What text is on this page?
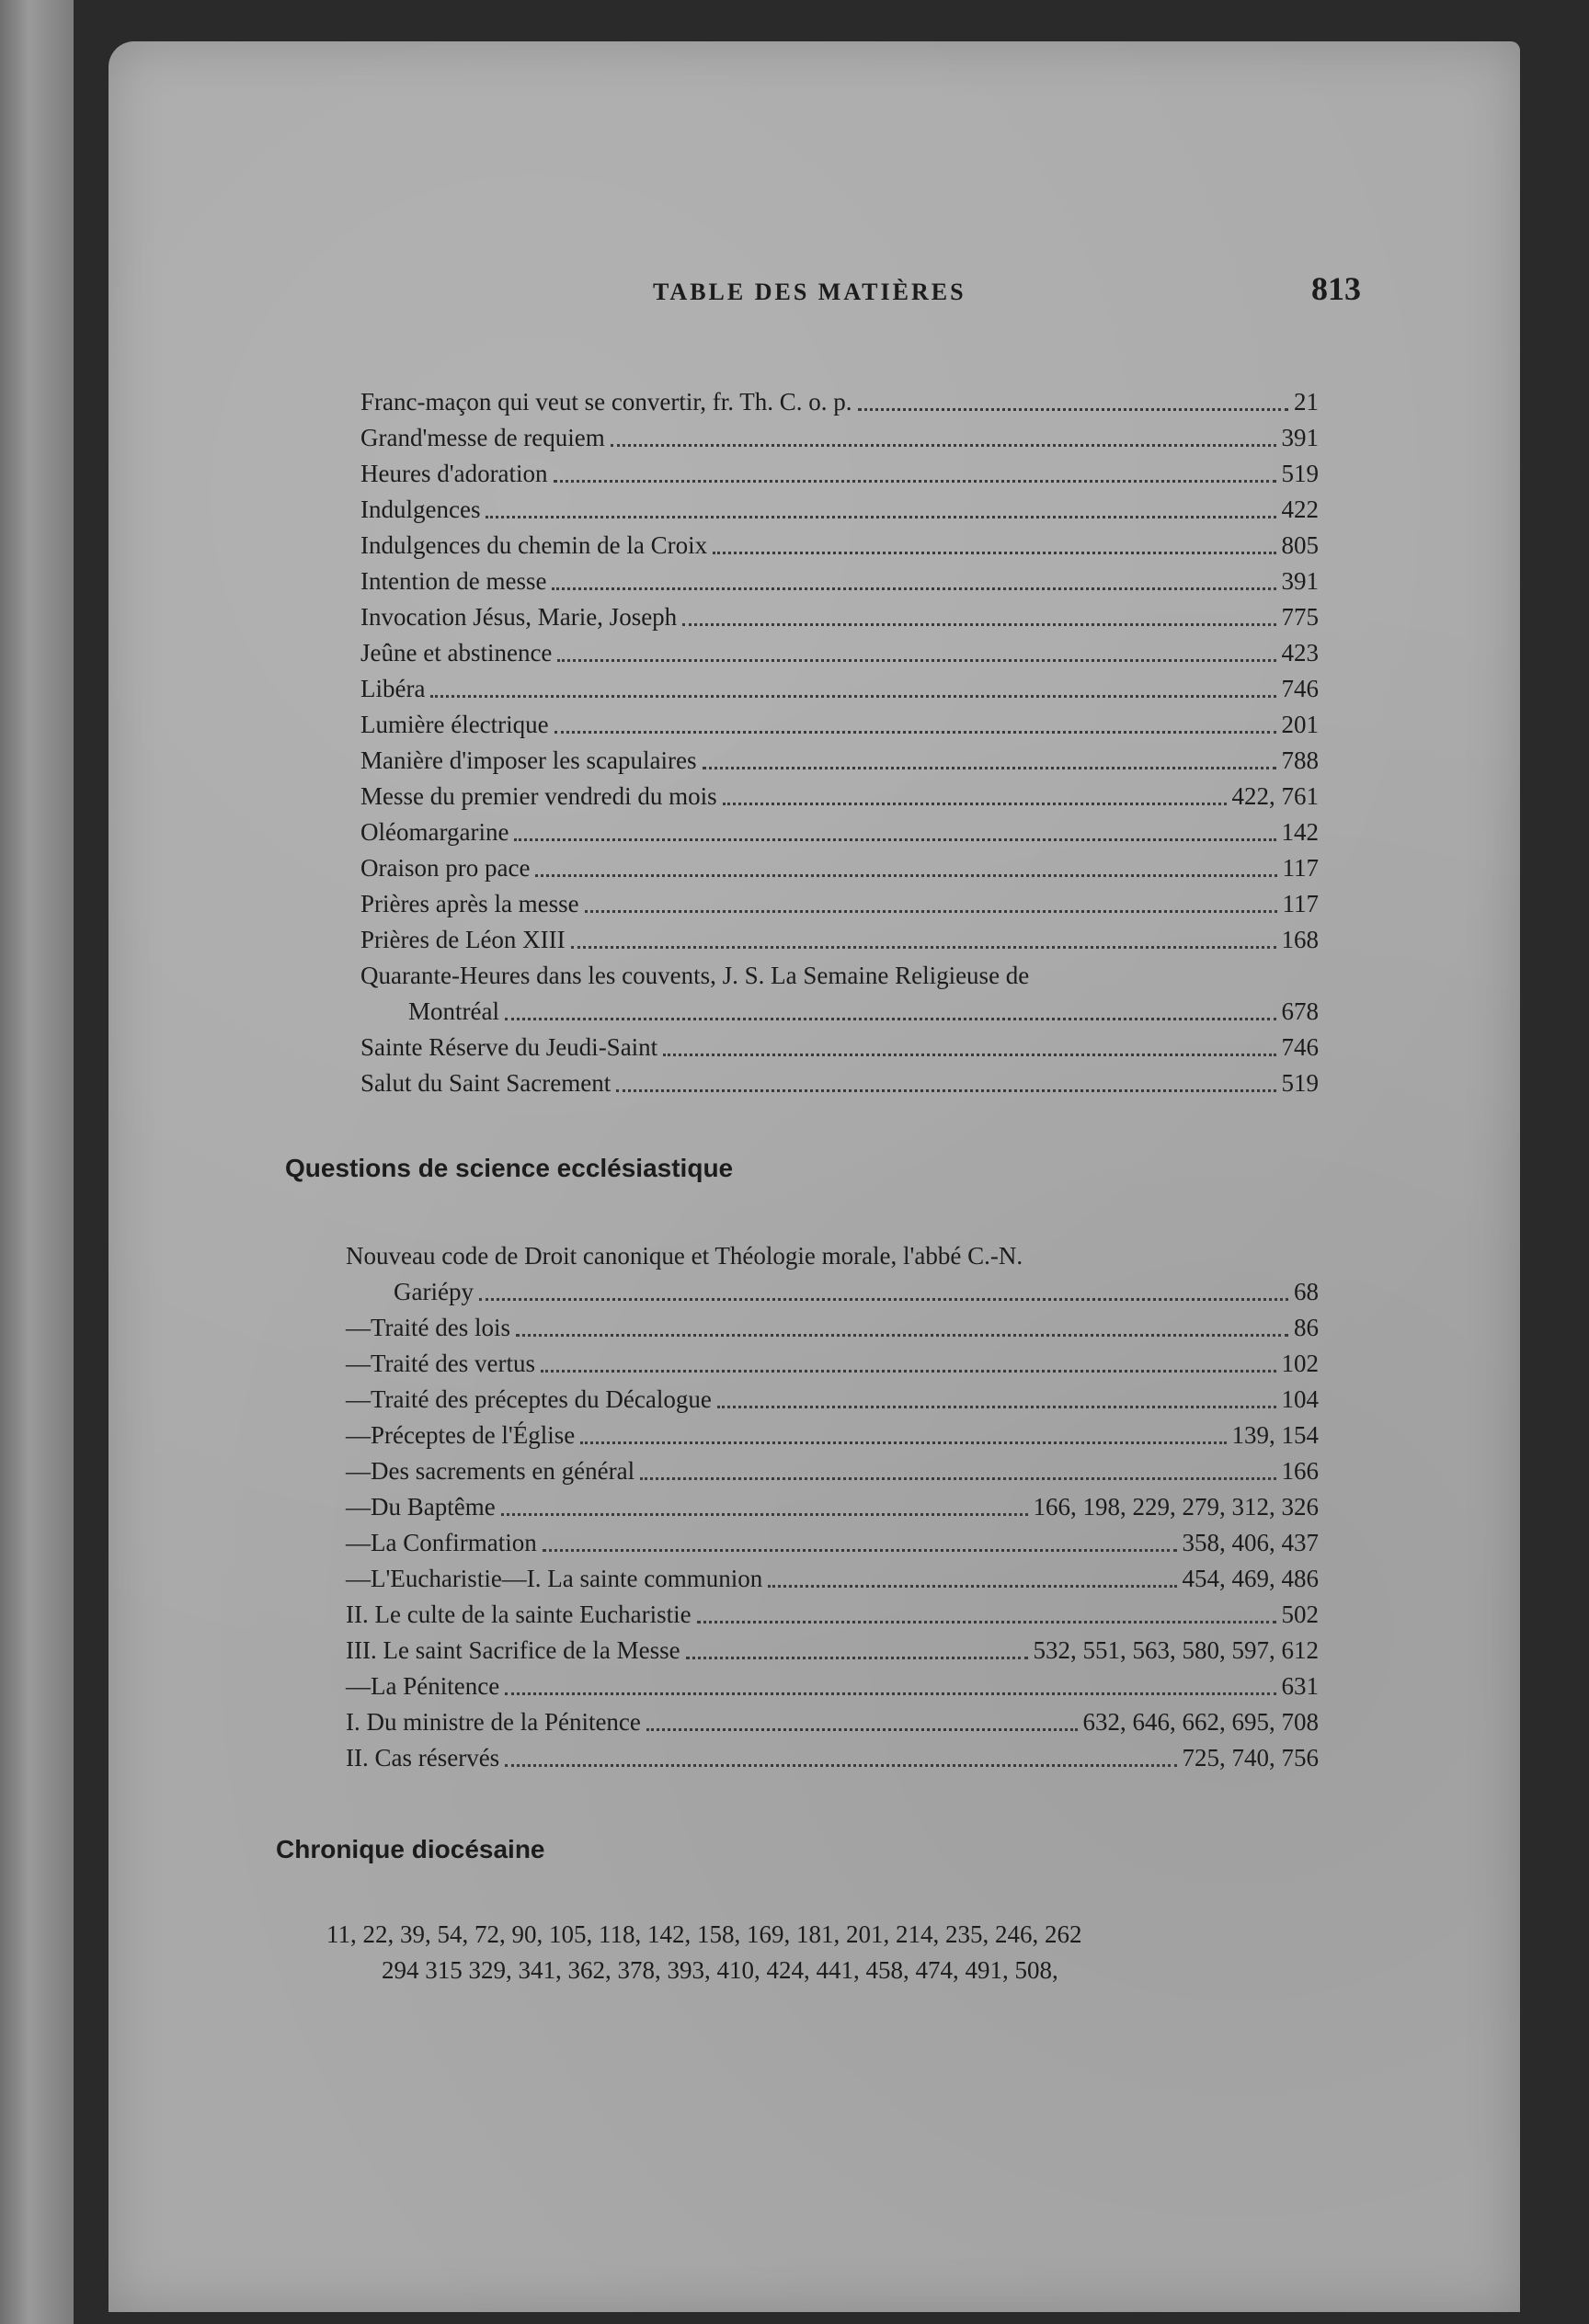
TABLE DES MATIÈRES	813
Franc-maçon qui veut se convertir, fr. Th. C. o. p.	21
Grand'messe de requiem	391
Heures d'adoration	519
Indulgences	422
Indulgences du chemin de la Croix	805
Intention de messe	391
Invocation Jésus, Marie, Joseph	775
Jeûne et abstinence	423
Libéra	746
Lumière électrique	201
Manière d'imposer les scapulaires	788
Messe du premier vendredi du mois	422, 761
Oléomargarine	142
Oraison pro pace	117
Prières après la messe	117
Prières de Léon XIII	168
Quarante-Heures dans les couvents, J. S. La Semaine Religieuse de
Montréal	678
Sainte Réserve du Jeudi-Saint	746
Salut du Saint Sacrement	519
Questions de science ecclésiastique
Nouveau code de Droit canonique et Théologie morale, l'abbé C.-N.
Gariépy	68
—Traité des lois	86
—Traité des vertus	102
—Traité des préceptes du Décalogue	104
—Préceptes de l'Église	139, 154
—Des sacrements en général	166
—Du Baptême	166, 198, 229, 279, 312, 326
—La Confirmation	358, 406, 437
—L'Eucharistie—I. La sainte communion	454, 469, 486
II. Le culte de la sainte Eucharistie	502
III. Le saint Sacrifice de la Messe	532, 551, 563, 580, 597, 612
—La Pénitence	631
I. Du ministre de la Pénitence	632, 646, 662, 695, 708
II. Cas réservés	725, 740, 756
Chronique diocésaine
11, 22, 39, 54, 72, 90, 105, 118, 142, 158, 169, 181, 201, 214, 235, 246, 262
294 315 329, 341, 362, 378, 393, 410, 424, 441, 458, 474, 491, 508,
